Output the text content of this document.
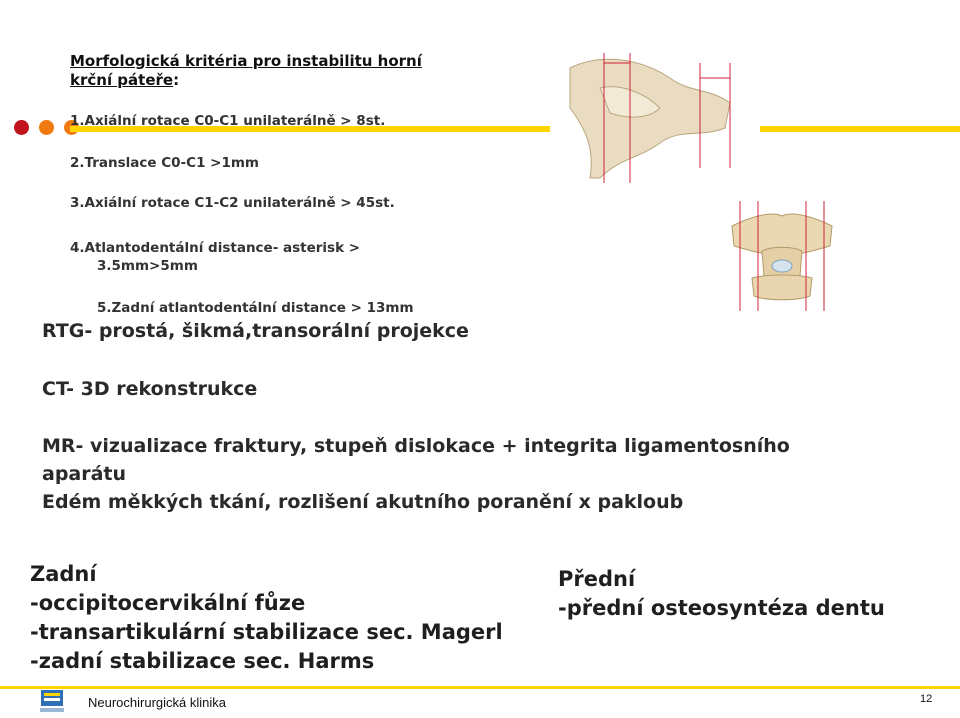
Morfologická kritéria pro instabilitu horní
krční páteře:
1.Axiální rotace C0-C1 unilaterálně > 8st.
2.Translace C0-C1 >1mm
3.Axiální rotace C1-C2 unilaterálně > 45st.
4.Atlantodentální distance- asterisk >
3.5mm>5mm
5.Zadní atlantodentální distance > 13mm
RTG- prostá, šikmá,transorální projekce
CT- 3D rekonstrukce
MR- vizualizace fraktury, stupeň dislokace + integrita ligamentosního
aparátu
Edém měkkých tkání, rozlišení akutního poranění x pakloub
Zadní
-occipitocervikální fůze
-transartikulární stabilizace sec. Magerl
-zadní stabilizace sec. Harms
Přední
-přední osteosyntéza dentu
Neurochirurgická klinika	12
